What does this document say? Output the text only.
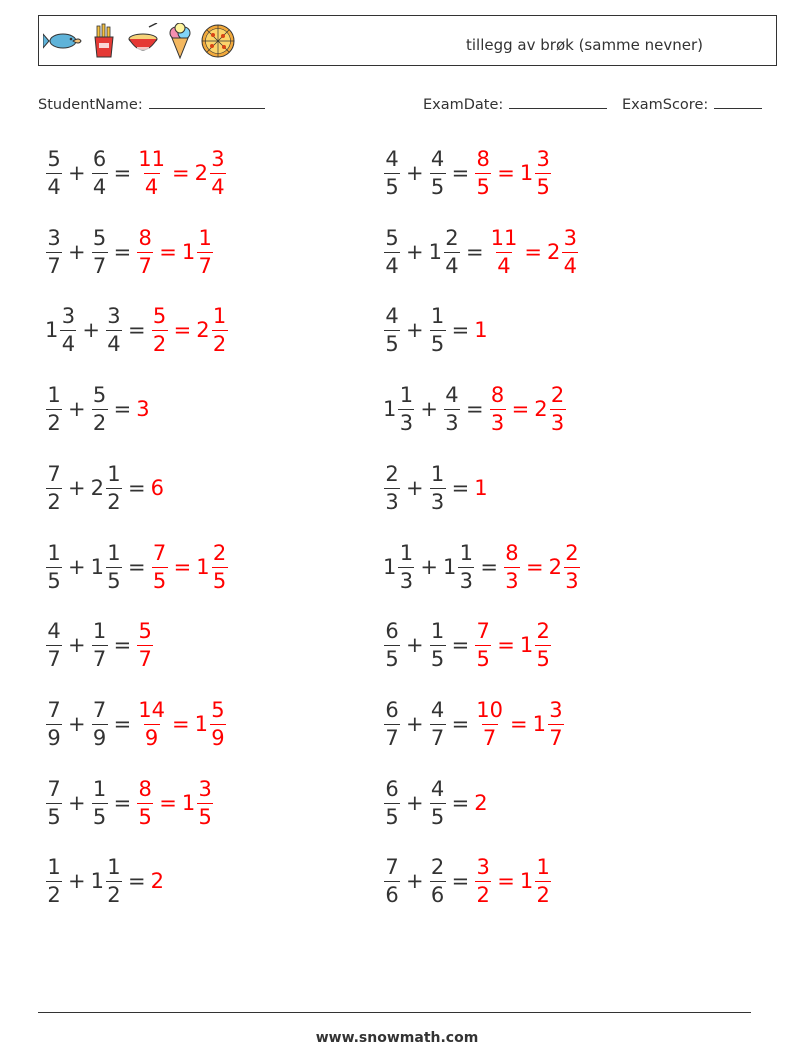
tillegg av brøk (samme nevner)
StudentName:	ExamDate:	ExamScore:
$\frac{5}{4} + \frac{6}{4} = \frac{11}{4} = 2 \frac{3}{4}$	$\frac{4}{5} + \frac{4}{5} = \frac{8}{5} = 1 \frac{3}{5}$
$\frac{3}{7} + \frac{5}{7} = \frac{8}{7} = 1 \frac{1}{7}$	$\frac{5}{4} + 1 \frac{2}{4} = \frac{11}{4} = 2 \frac{3}{4}$
$1 \frac{3}{4} + \frac{3}{4} = \frac{5}{2} = 2 \frac{1}{2}$	$\frac{4}{5} + \frac{1}{5} = 1$
$\frac{1}{2} + \frac{5}{2} = 3$	$1 \frac{1}{3} + \frac{4}{3} = \frac{8}{3} = 2 \frac{2}{3}$
$\frac{7}{2} + 2 \frac{1}{2} = 6$	$\frac{2}{3} + \frac{1}{3} = 1$
$\frac{1}{5} + 1 \frac{1}{5} = \frac{7}{5} = 1 \frac{2}{5}$	$1 \frac{1}{3} + 1 \frac{1}{3} = \frac{8}{3} = 2 \frac{2}{3}$
$\frac{4}{7} + \frac{1}{7} = \frac{5}{7}$	$\frac{6}{5} + \frac{1}{5} = \frac{7}{5} = 1 \frac{2}{5}$
$\frac{7}{9} + \frac{7}{9} = \frac{14}{9} = 1 \frac{5}{9}$	$\frac{6}{7} + \frac{4}{7} = \frac{10}{7} = 1 \frac{3}{7}$
$\frac{7}{5} + \frac{1}{5} = \frac{8}{5} = 1 \frac{3}{5}$	$\frac{6}{5} + \frac{4}{5} = 2$
$\frac{1}{2} + 1 \frac{1}{2} = 2$	$\frac{7}{6} + \frac{2}{6} = \frac{3}{2} = 1 \frac{1}{2}$
www.snowmath.com
